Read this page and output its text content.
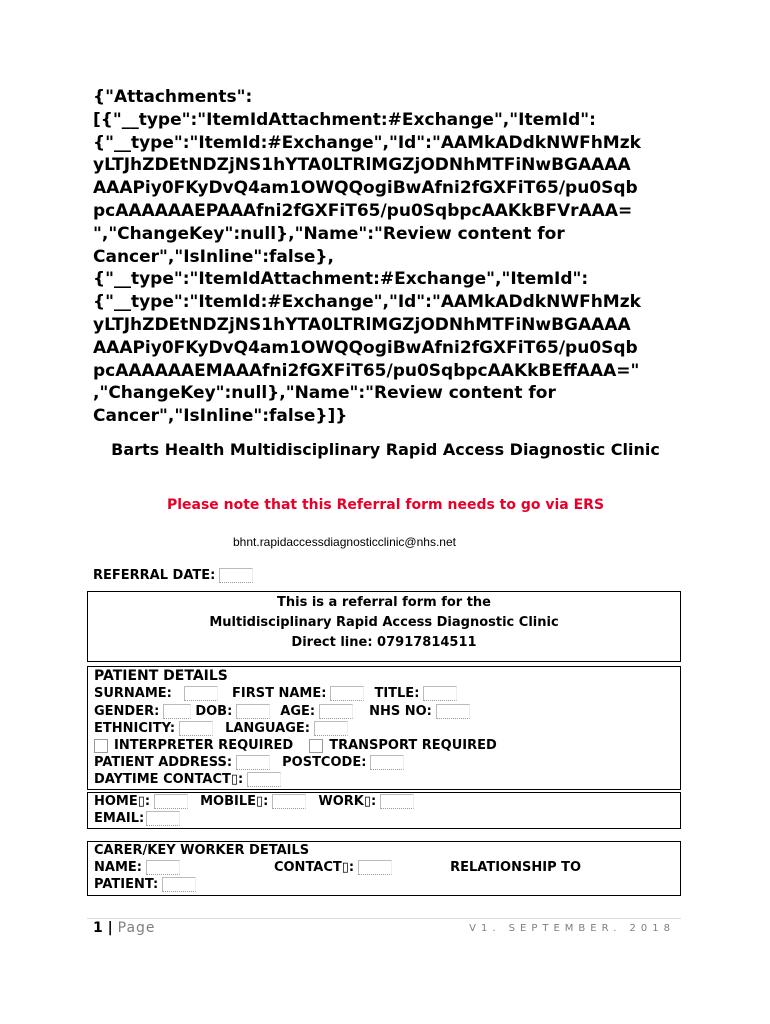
{"Attachments":
[{"__type":"ItemIdAttachment:#Exchange","ItemId":
{"__type":"ItemId:#Exchange","Id":"AAMkADdkNWFhMzk
yLTJhZDEtNDZjNS1hYTA0LTRlMGZjODNhMTFiNwBGAAAA
AAAPiy0FKyDvQ4am1OWQQogiBwAfni2fGXFiT65/pu0Sqb
pcAAAAAAEPAAAfni2fGXFiT65/pu0SqbpcAAKkBFVrAAA=
","ChangeKey":null},"Name":"Review content for
Cancer","IsInline":false},
{"__type":"ItemIdAttachment:#Exchange","ItemId":
{"__type":"ItemId:#Exchange","Id":"AAMkADdkNWFhMzk
yLTJhZDEtNDZjNS1hYTA0LTRlMGZjODNhMTFiNwBGAAAA
AAAPiy0FKyDvQ4am1OWQQogiBwAfni2fGXFiT65/pu0Sqb
pcAAAAAAEMAAAfni2fGXFiT65/pu0SqbpcAAKkBEffAAA="
,"ChangeKey":null},"Name":"Review content for
Cancer","IsInline":false}]}
Barts Health Multidisciplinary Rapid Access Diagnostic Clinic
Please note that this Referral form needs to go via ERS
bhnt.rapidaccessdiagnosticclinic@nhs.net
REFERRAL DATE:
This is a referral form for the
Multidisciplinary Rapid Access Diagnostic Clinic
Direct line: 07917814511
PATIENT DETAILS
SURNAME:	FIRST NAME:	TITLE:
GENDER:	DOB:	AGE:	NHS NO:
ETHNICITY:	LANGUAGE:
INTERPRETER REQUIRED	TRANSPORT REQUIRED
PATIENT ADDRESS:	POSTCODE:
DAYTIME CONTACT▯:
HOME▯:	MOBILE▯:	WORK▯:
EMAIL:
CARER/KEY WORKER DETAILS
NAME:	CONTACT▯:	RELATIONSHIP TO
PATIENT:
1 | Page	V1. SEPTEMBER. 2018
